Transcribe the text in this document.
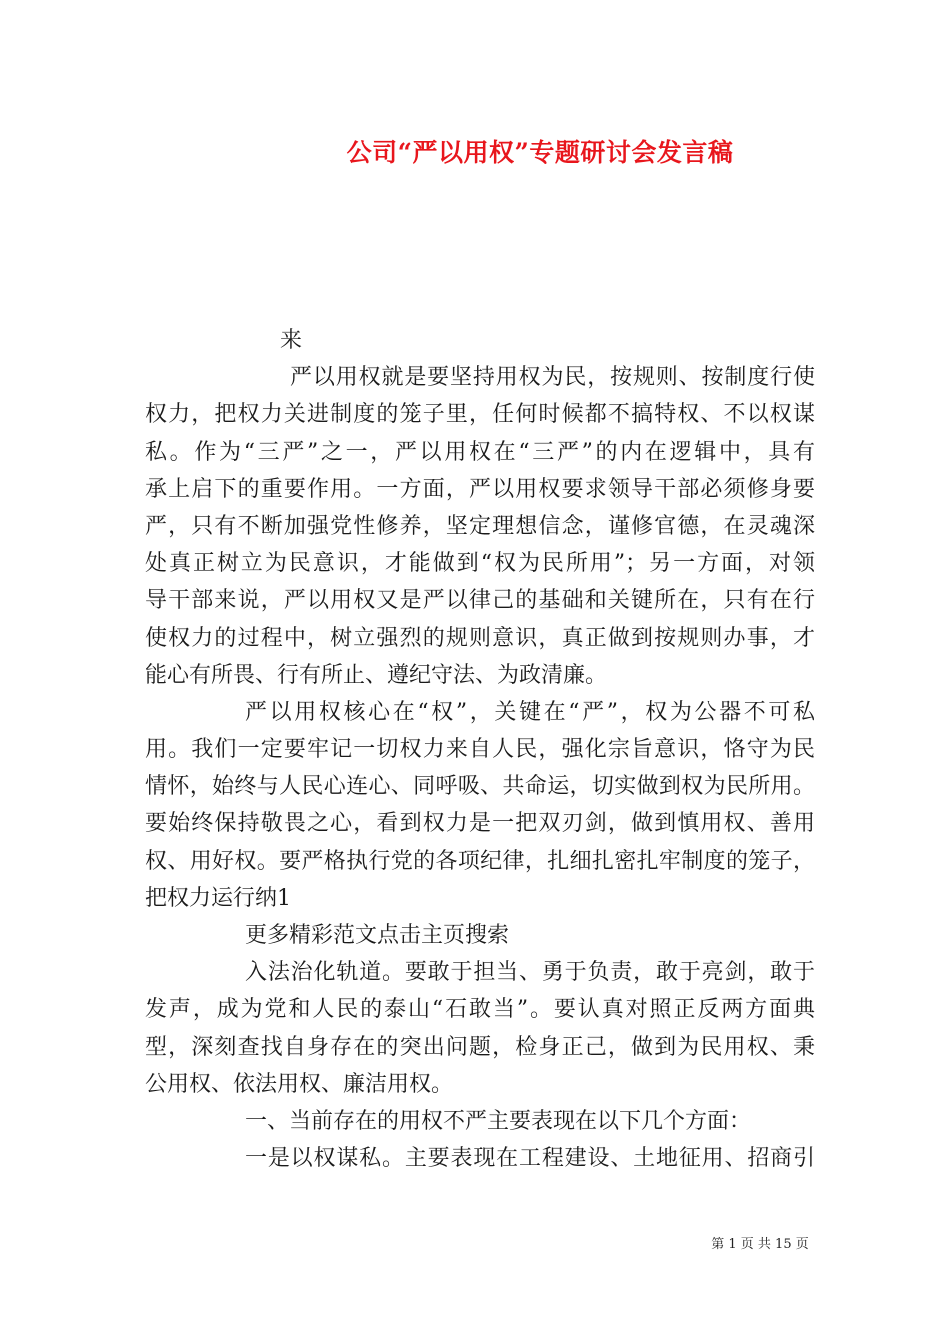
公司“严以用权”专题研讨会发言稿

来

严以用权就是要坚持用权为民，按规则、按制度行使

权力，把权力关进制度的笼子里，任何时候都不搞特权、不以权谋

私。作为“三严”之一，严以用权在“三严”的内在逻辑中，具有

承上启下的重要作用。一方面，严以用权要求领导干部必须修身要

严，只有不断加强党性修养，坚定理想信念，谨修官德，在灵魂深

处真正树立为民意识，才能做到“权为民所用”；另一方面，对领

导干部来说，严以用权又是严以律己的基础和关键所在，只有在行

使权力的过程中，树立强烈的规则意识，真正做到按规则办事，才

能心有所畏、行有所止、遵纪守法、为政清廉。

严以用权核心在“权”，关键在“严”，权为公器不可私

用。我们一定要牢记一切权力来自人民，强化宗旨意识，恪守为民

情怀，始终与人民心连心、同呼吸、共命运，切实做到权为民所用。

要始终保持敬畏之心，看到权力是一把双刃剑，做到慎用权、善用

权、用好权。要严格执行党的各项纪律，扎细扎密扎牢制度的笼子，

把权力运行纳1

更多精彩范文点击主页搜索

入法治化轨道。要敢于担当、勇于负责，敢于亮剑，敢于

发声，成为党和人民的泰山“石敢当”。要认真对照正反两方面典

型，深刻查找自身存在的突出问题，检身正己，做到为民用权、秉

公用权、依法用权、廉洁用权。

一、当前存在的用权不严主要表现在以下几个方面：

一是以权谋私。主要表现在工程建设、土地征用、招商引

第 1 页 共 15 页
